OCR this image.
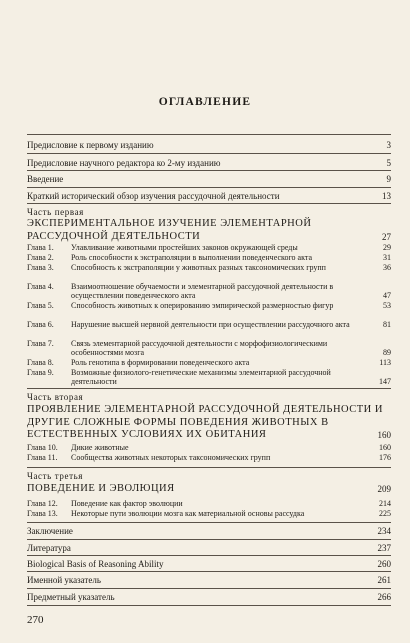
ОГЛАВЛЕНИЕ
Предисловие к первому изданию	3
Предисловие научного редактора ко 2-му изданию	5
Введение	9
Краткий исторический обзор изучения рассудочной деятельности	13
Часть первая
ЭКСПЕРИМЕНТАЛЬНОЕ ИЗУЧЕНИЕ ЭЛЕМЕНТАРНОЙ РАССУДОЧНОЙ ДЕЯТЕЛЬНОСТИ	27
Глава 1. Улавливание животными простейших законов окружающей среды	29
Глава 2. Роль способности к экстраполяции в выполнении поведенческого акта	31
Глава 3. Способность к экстраполяции у животных разных таксономических групп	36
Глава 4. Взаимоотношение обучаемости и элементарной рассудочной деятельности в осуществлении поведенческого акта	47
Глава 5. Способность животных к оперированию эмпирической размерностью фигур	53
Глава 6. Нарушение высшей нервной деятельности при осуществлении рассудочного акта	81
Глава 7. Связь элементарной рассудочной деятельности с морфофизиологическими особенностями мозга	89
Глава 8. Роль генотипа в формировании поведенческого акта	113
Глава 9. Возможные физиолого-генетические механизмы элементарной рассудочной деятельности	147
Часть вторая
ПРОЯВЛЕНИЕ ЭЛЕМЕНТАРНОЙ РАССУДОЧНОЙ ДЕЯТЕЛЬНОСТИ И ДРУГИЕ СЛОЖНЫЕ ФОРМЫ ПОВЕДЕНИЯ ЖИВОТНЫХ В ЕСТЕСТВЕННЫХ УСЛОВИЯХ ИХ ОБИТАНИЯ	160
Глава 10. Дикие животные	160
Глава 11. Сообщества животных некоторых таксономических групп	176
Часть третья
ПОВЕДЕНИЕ И ЭВОЛЮЦИЯ	209
Глава 12. Поведение как фактор эволюции	214
Глава 13. Некоторые пути эволюции мозга как материальной основы рассудка	225
Заключение	234
Литература	237
Biological Basis of Reasoning Ability	260
Именной указатель	261
Предметный указатель	266
270
